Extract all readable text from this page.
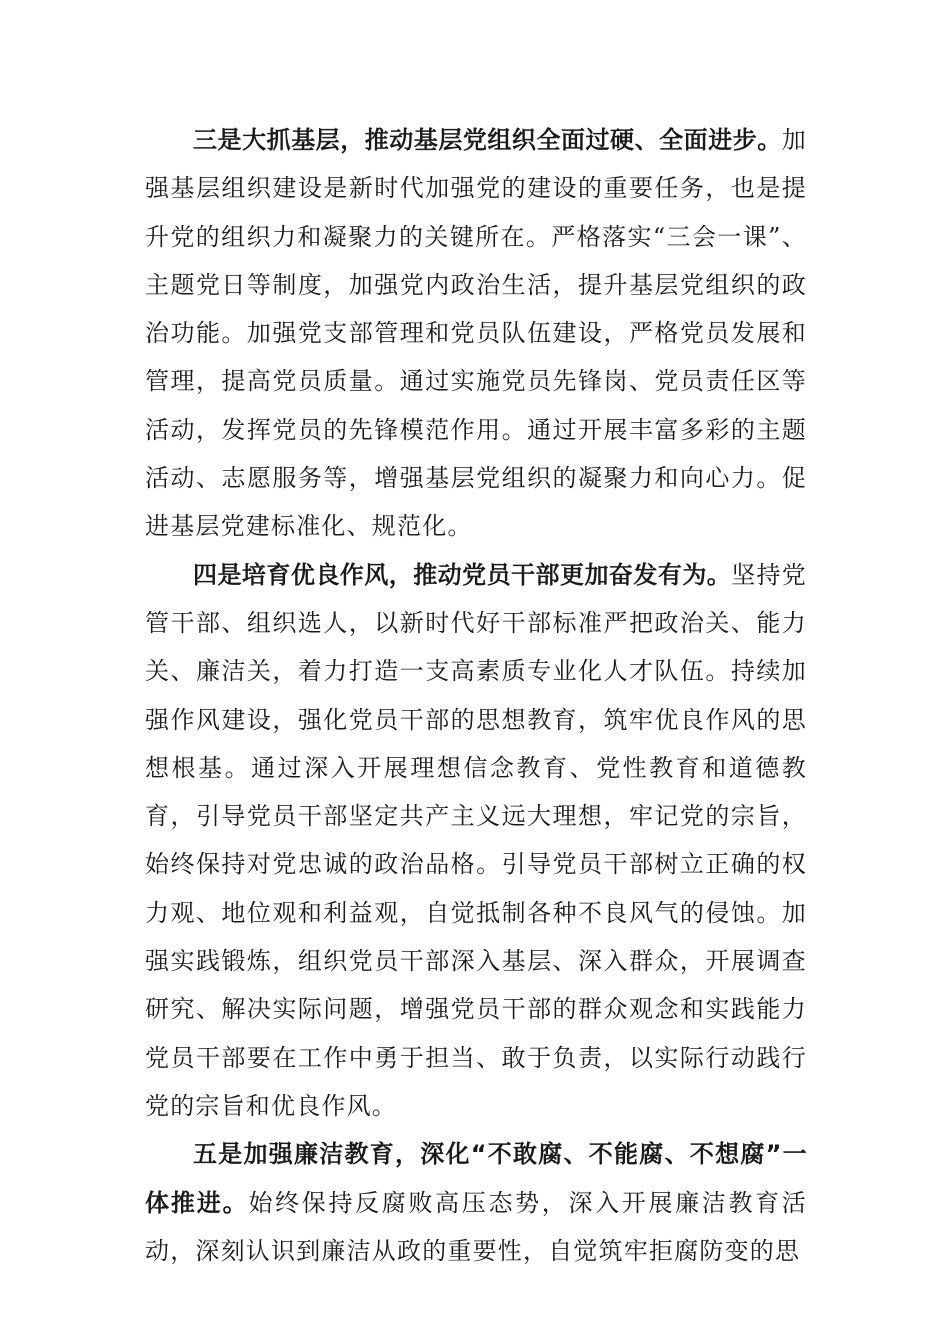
三是大抓基层，推动基层党组织全面过硬、全面进步。加强基层组织建设是新时代加强党的建设的重要任务，也是提升党的组织力和凝聚力的关键所在。严格落实“三会一课”、主题党日等制度，加强党内政治生活，提升基层党组织的政治功能。加强党支部管理和党员队伍建设，严格党员发展和管理，提高党员质量。通过实施党员先锋岗、党员责任区等活动，发挥党员的先锋模范作用。通过开展丰富多彩的主题活动、志愿服务等，增强基层党组织的凝聚力和向心力。促进基层党建标准化、规范化。

四是培育优良作风，推动党员干部更加奋发有为。坚持党管干部、组织选人，以新时代好干部标准严把政治关、能力关、廉洁关，着力打造一支高素质专业化人才队伍。持续加强作风建设，强化党员干部的思想教育，筑牢优良作风的思想根基。通过深入开展理想信念教育、党性教育和道德教育，引导党员干部坚定共产主义远大理想，牢记党的宗旨，始终保持对党忠诚的政治品格。引导党员干部树立正确的权力观、地位观和利益观，自觉抵制各种不良风气的侵蚀。加强实践锻炼，组织党员干部深入基层、深入群众，开展调查研究、解决实际问题，增强党员干部的群众观念和实践能力党员干部要在工作中勇于担当、敢于负责，以实际行动践行党的宗旨和优良作风。

五是加强廉洁教育，深化“不敢腐、不能腐、不想腐”一体推进。始终保持反腐败高压态势，深入开展廉洁教育活动，深刻认识到廉洁从政的重要性，自觉筑牢拒腐防变的思
